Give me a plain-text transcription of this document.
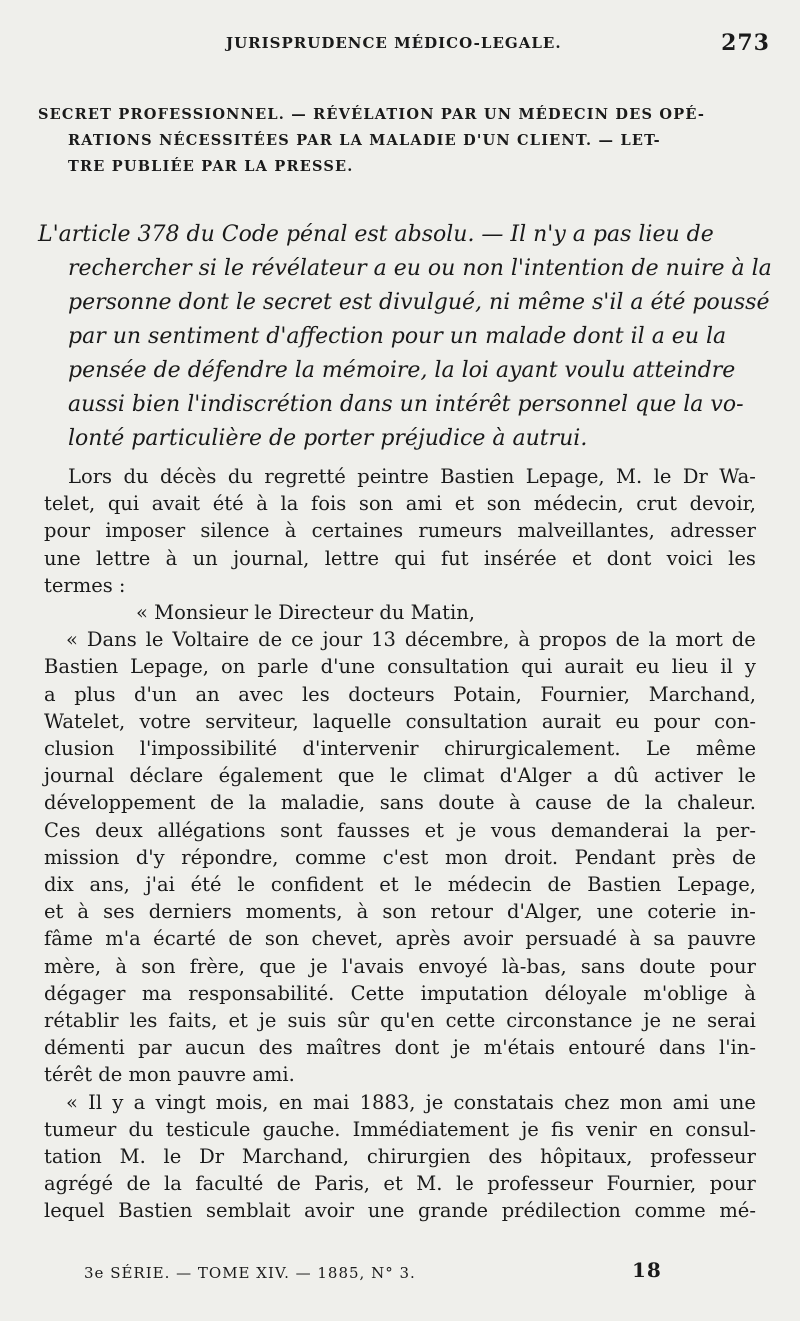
JURISPRUDENCE MÉDICO-LEGALE.	273
SECRET PROFESSIONNEL. — RÉVÉLATION PAR UN MÉDECIN DES OPÉ-
RATIONS NÉCESSITÉES PAR LA MALADIE D'UN CLIENT. — LET-
TRE PUBLIÉE PAR LA PRESSE.
L'article 378 du Code pénal est absolu. — Il n'y a pas lieu de
rechercher si le révélateur a eu ou non l'intention de nuire à la
personne dont le secret est divulgué, ni même s'il a été poussé
par un sentiment d'affection pour un malade dont il a eu la
pensée de défendre la mémoire, la loi ayant voulu atteindre
aussi bien l'indiscrétion dans un intérêt personnel que la vo-
lonté particulière de porter préjudice à autrui.
Lors du décès du regretté peintre Bastien Lepage, M. le Dr Wa-
telet, qui avait été à la fois son ami et son médecin, crut devoir,
pour imposer silence à certaines rumeurs malveillantes, adresser
une lettre à un journal, lettre qui fut insérée et dont voici les
termes :
« Monsieur le Directeur du Matin,
« Dans le Voltaire de ce jour 13 décembre, à propos de la mort de
Bastien Lepage, on parle d'une consultation qui aurait eu lieu il y
a plus d'un an avec les docteurs Potain, Fournier, Marchand,
Watelet, votre serviteur, laquelle consultation aurait eu pour con-
clusion l'impossibilité d'intervenir chirurgicalement. Le même
journal déclare également que le climat d'Alger a dû activer le
développement de la maladie, sans doute à cause de la chaleur.
Ces deux allégations sont fausses et je vous demanderai la per-
mission d'y répondre, comme c'est mon droit. Pendant près de
dix ans, j'ai été le confident et le médecin de Bastien Lepage,
et à ses derniers moments, à son retour d'Alger, une coterie in-
fâme m'a écarté de son chevet, après avoir persuadé à sa pauvre
mère, à son frère, que je l'avais envoyé là-bas, sans doute pour
dégager ma responsabilité. Cette imputation déloyale m'oblige à
rétablir les faits, et je suis sûr qu'en cette circonstance je ne serai
démenti par aucun des maîtres dont je m'étais entouré dans l'in-
térêt de mon pauvre ami.
« Il y a vingt mois, en mai 1883, je constatais chez mon ami une
tumeur du testicule gauche. Immédiatement je fis venir en consul-
tation M. le Dr Marchand, chirurgien des hôpitaux, professeur
agrégé de la faculté de Paris, et M. le professeur Fournier, pour
lequel Bastien semblait avoir une grande prédilection comme mé-
3e SÉRIE. — TOME XIV. — 1885, N° 3.	18
